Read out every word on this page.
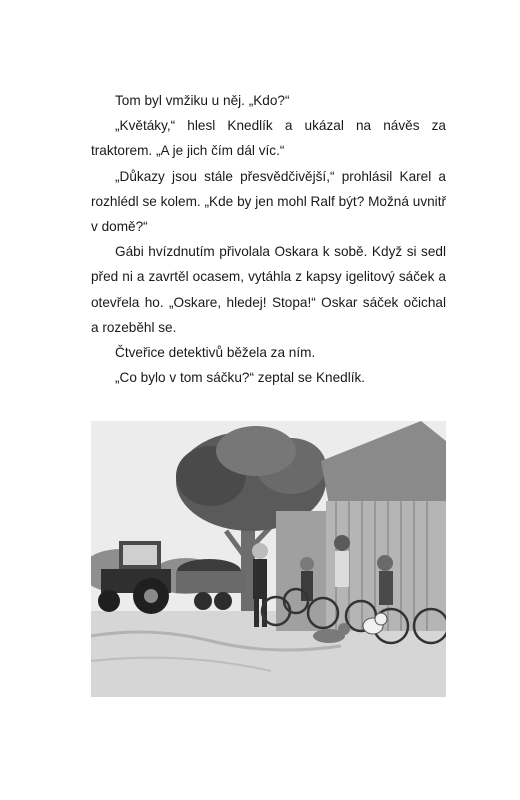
Tom byl vmžiku u něj. „Kdo?“

„Květáky,“ hlesl Knedlík a ukázal na návěs za traktorem. „A je jich čím dál víc.“

„Důkazy jsou stále přesvědčivější,“ prohlásil Karel a rozhlédl se kolem. „Kde by jen mohl Ralf být? Možná uvnitř v domě?“

Gábi hvízdnutím přivolala Oskara k sobě. Když si sedl před ni a zavrtěl ocasem, vytáhla z kapsy igelitový sáček a otevřela ho. „Oskare, hledej! Stopa!“ Oskar sáček očichal a rozeběhl se.

Čtveřice detektivů běžela za ním.

„Co bylo v tom sáčku?“ zeptal se Knedlík.
